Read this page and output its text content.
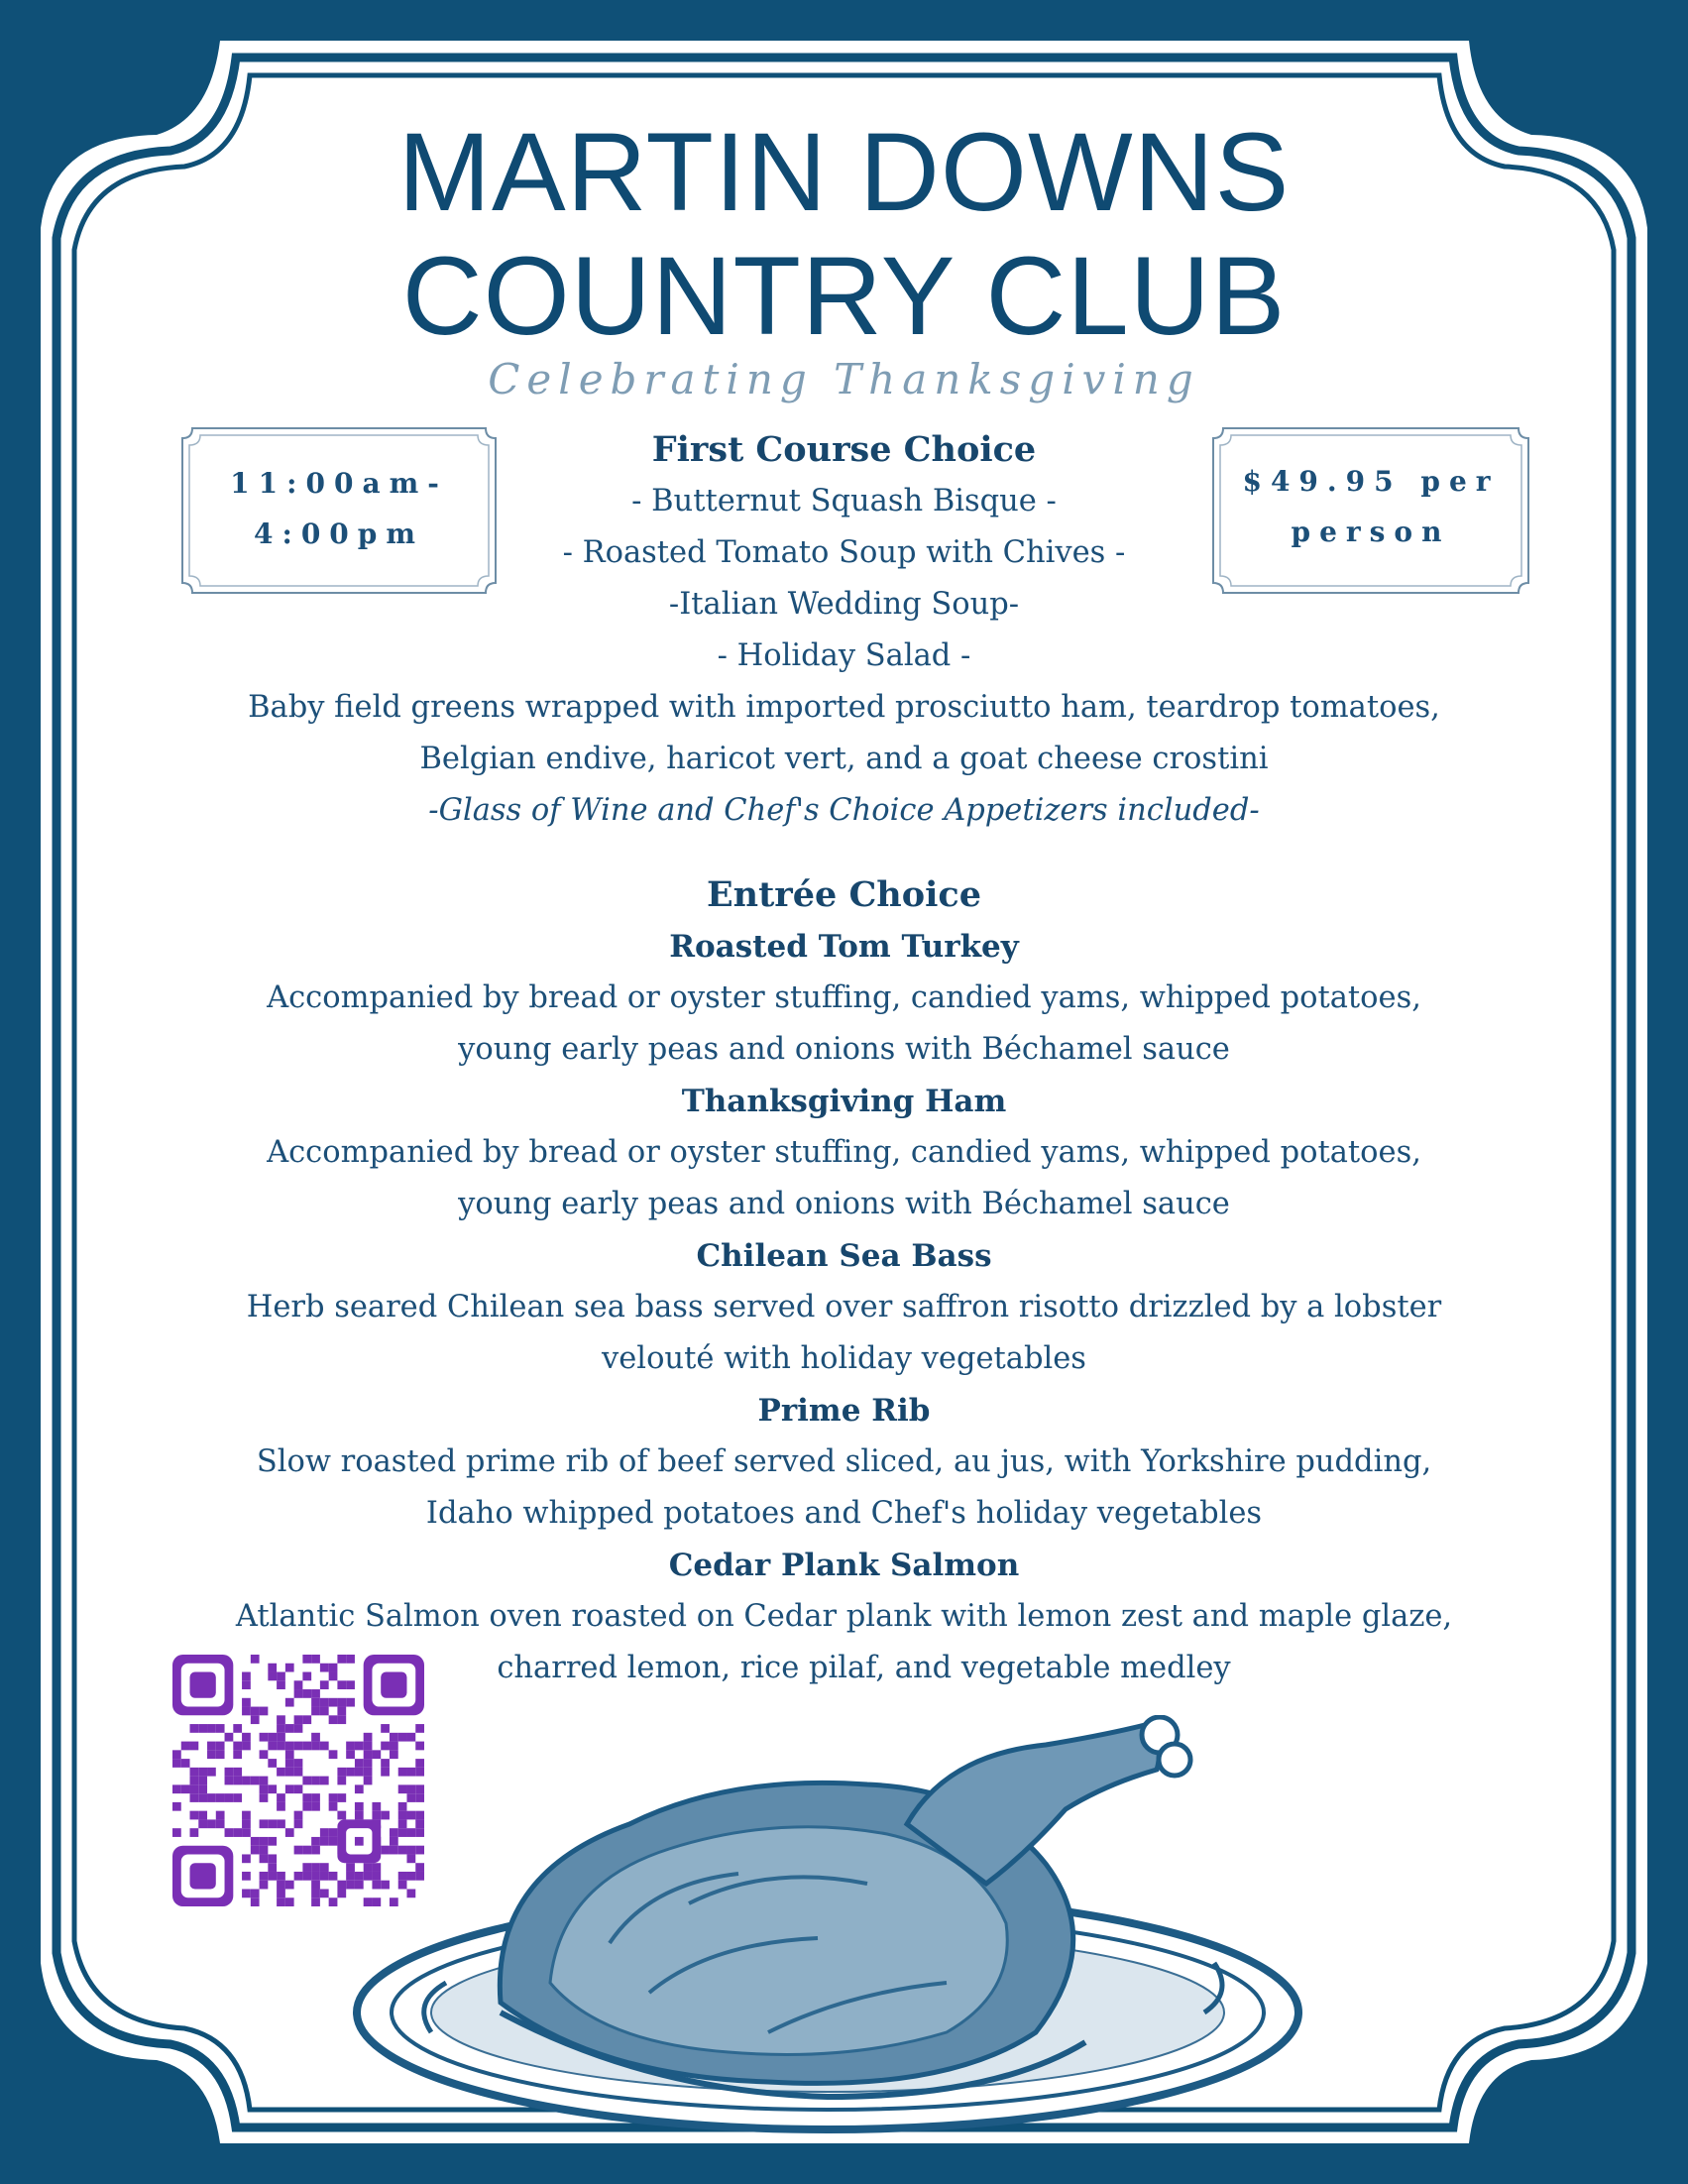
MARTIN DOWNS
COUNTRY CLUB
Celebrating Thanksgiving
11:00am-
4:00pm
$49.95 per
person
First Course Choice
- Butternut Squash Bisque -
- Roasted Tomato Soup with Chives -
-Italian Wedding Soup-
- Holiday Salad -
Baby field greens wrapped with imported prosciutto ham, teardrop tomatoes,
Belgian endive, haricot vert, and a goat cheese crostini
-Glass of Wine and Chef's Choice Appetizers included-
Entrée Choice
Roasted Tom Turkey
Accompanied by bread or oyster stuffing, candied yams, whipped potatoes,
young early peas and onions with Béchamel sauce
Thanksgiving Ham
Accompanied by bread or oyster stuffing, candied yams, whipped potatoes,
young early peas and onions with Béchamel sauce
Chilean Sea Bass
Herb seared Chilean sea bass served over saffron risotto drizzled by a lobster
velouté with holiday vegetables
Prime Rib
Slow roasted prime rib of beef served sliced, au jus, with Yorkshire pudding,
Idaho whipped potatoes and Chef's holiday vegetables
Cedar Plank Salmon
Atlantic Salmon oven roasted on Cedar plank with lemon zest and maple glaze,
charred lemon, rice pilaf, and vegetable medley
